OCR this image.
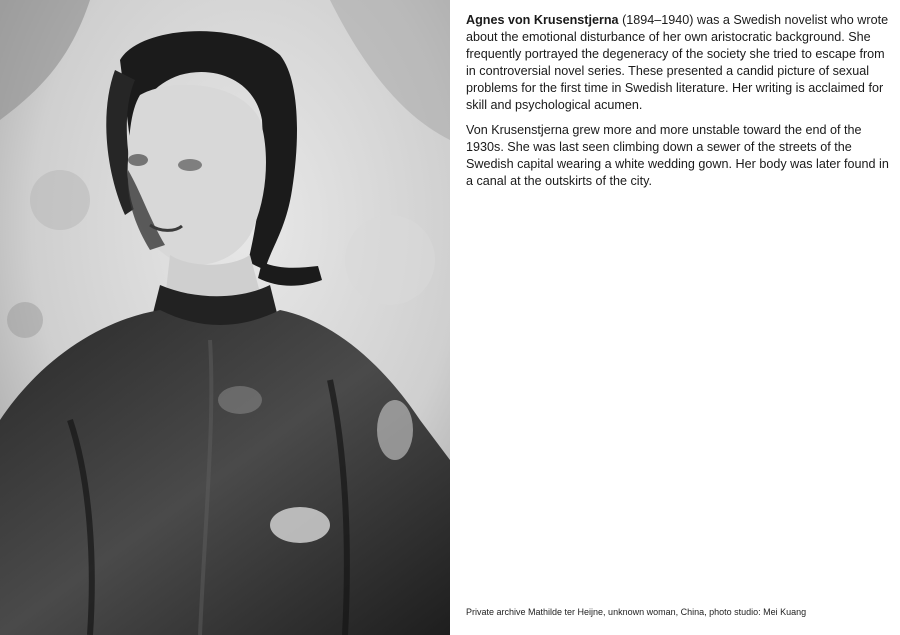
Agnes von Krusenstjerna (1894–1940) was a Swedish novelist who wrote about the emotional disturbance of her own aristocratic background. She frequently portrayed the degeneracy of the society she tried to escape from in controversial novel series. These presented a candid picture of sexual problems for the first time in Swedish literature. Her writing is acclaimed for skill and psychological acumen.

Von Krusenstjerna grew more and more unstable toward the end of the 1930s. She was last seen climbing down a sewer of the streets of the Swedish capital wearing a white wedding gown. Her body was later found in a canal at the outskirts of the city.

Private archive Mathilde ter Heijne, unknown woman, China, photo studio: Mei Kuang
